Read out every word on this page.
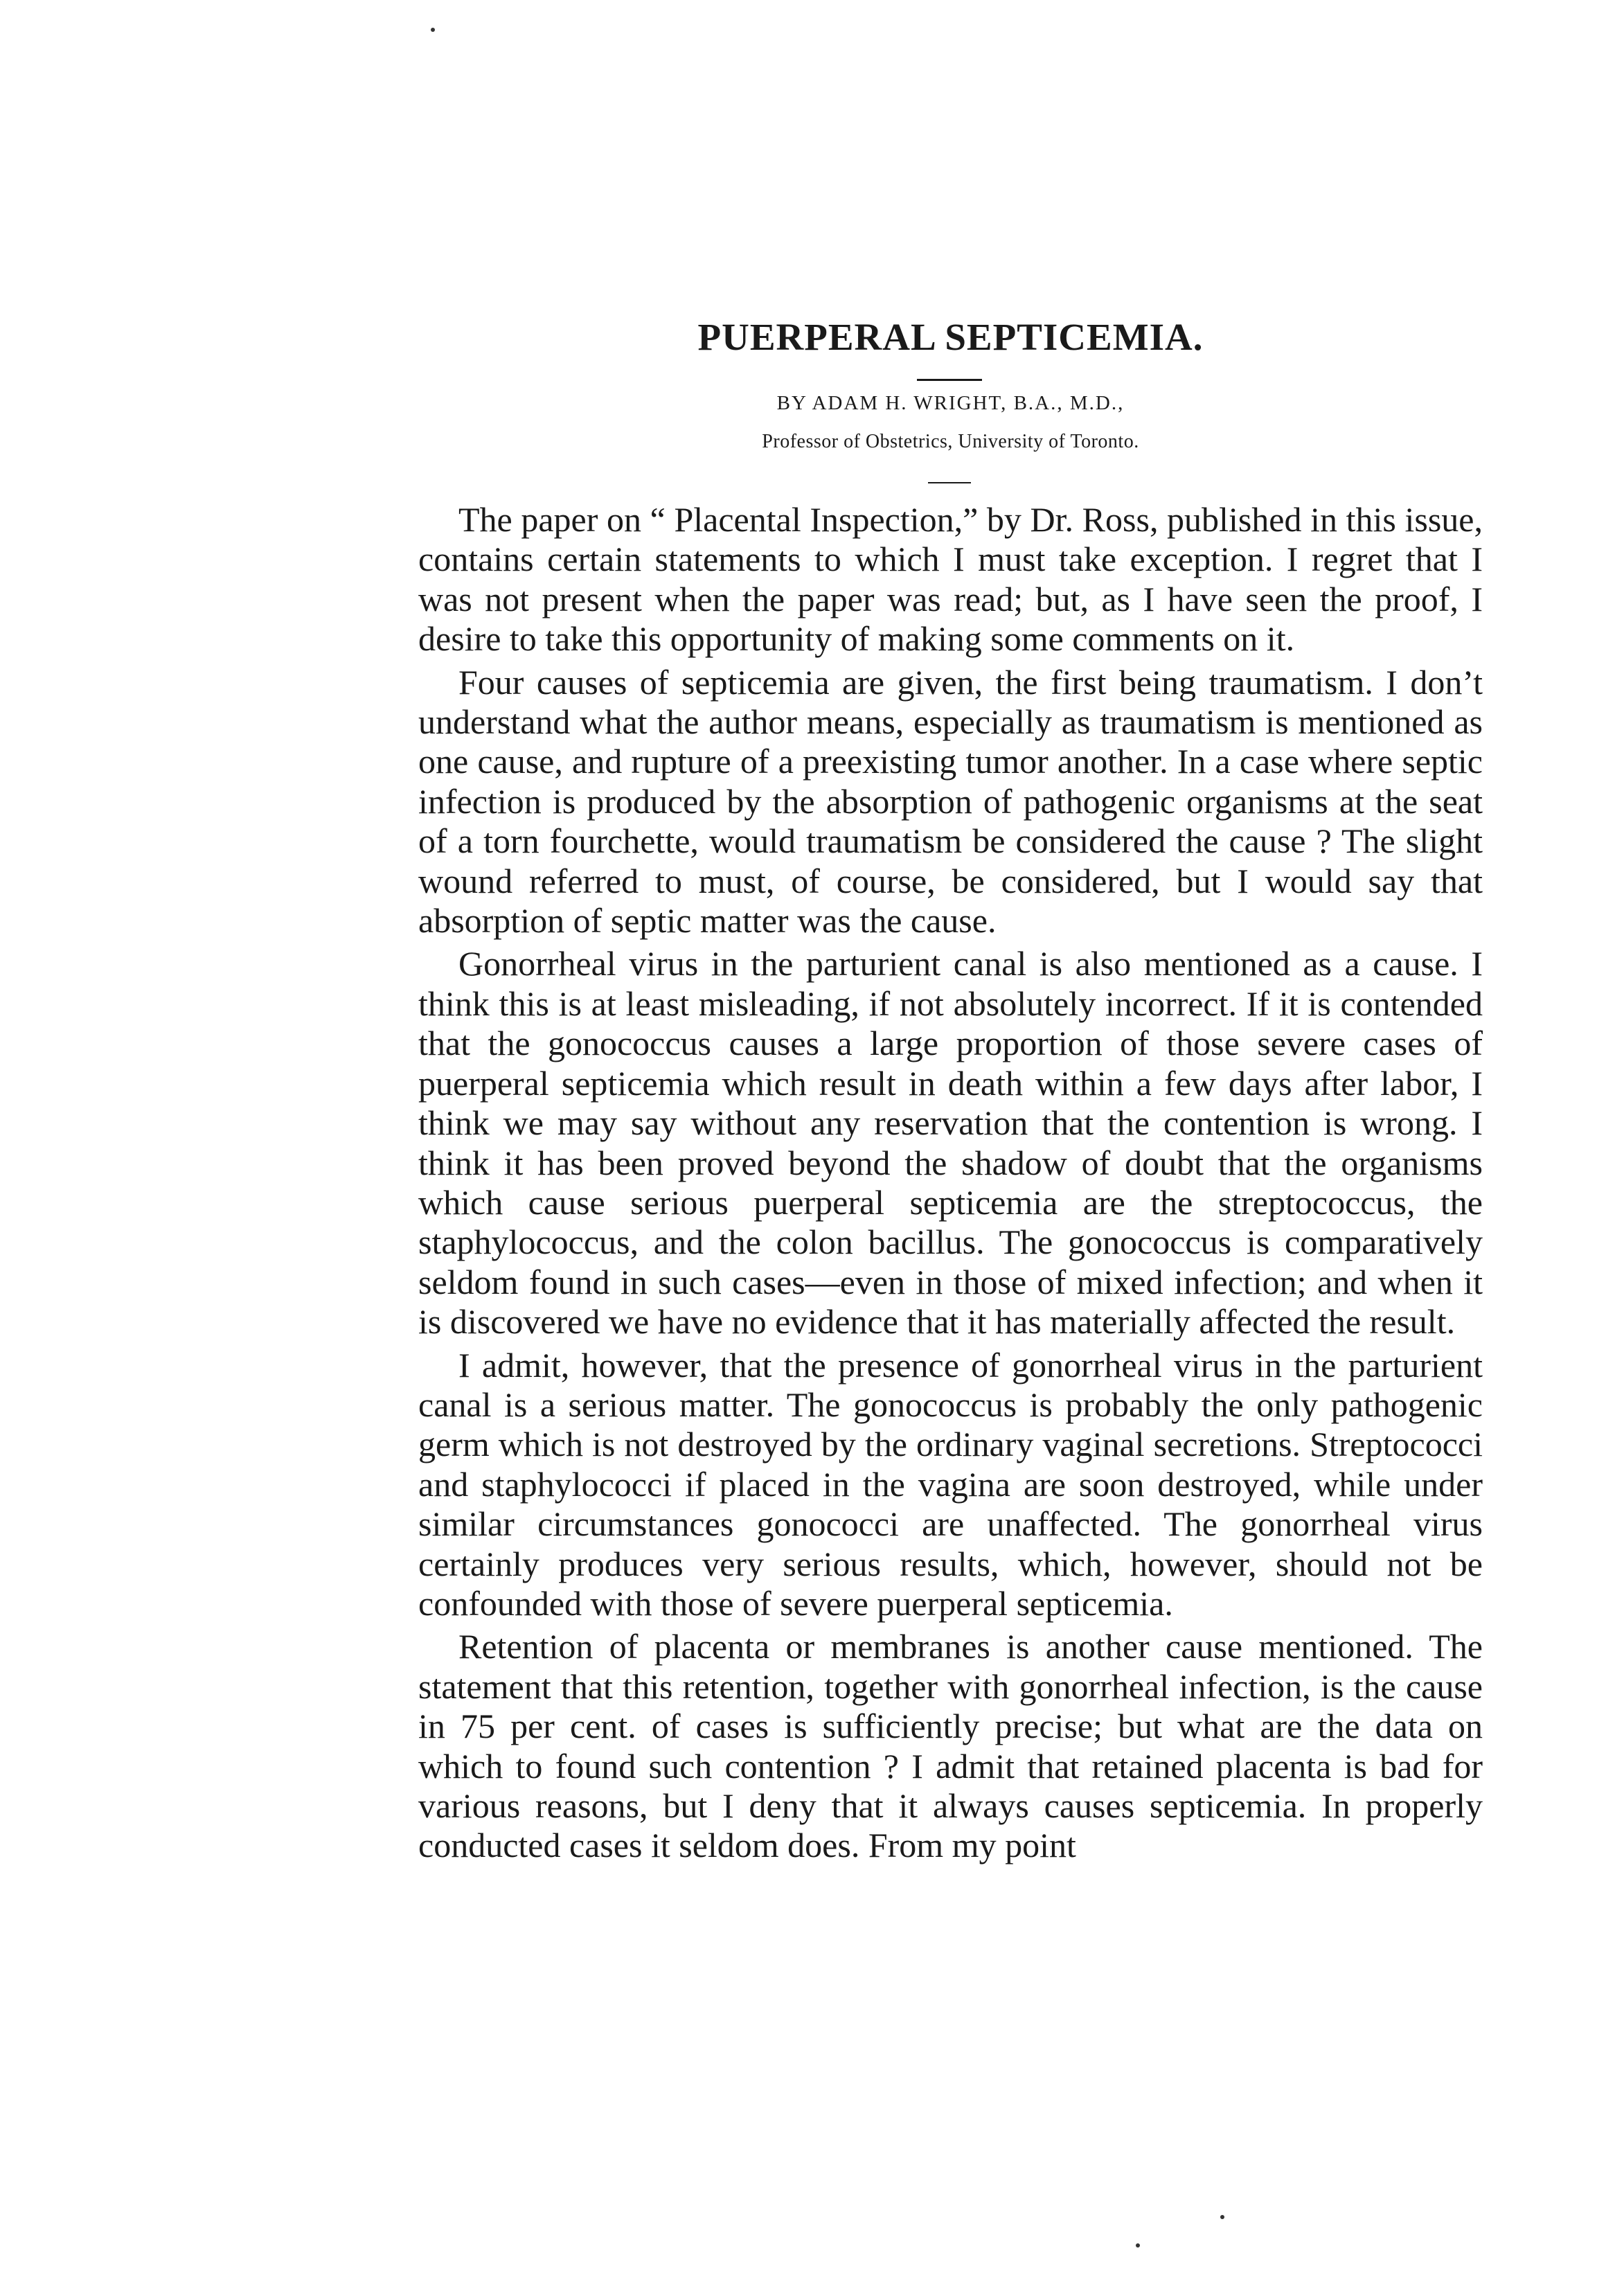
PUERPERAL SEPTICEMIA.
BY ADAM H. WRIGHT, B.A., M.D.,
Professor of Obstetrics, University of Toronto.

The paper on “ Placental Inspection,” by Dr. Ross, published in this issue, contains certain statements to which I must take exception. I regret that I was not present when the paper was read; but, as I have seen the proof, I desire to take this opportunity of making some comments on it.

Four causes of septicemia are given, the first being traumatism. I don’t understand what the author means, especially as traumatism is mentioned as one cause, and rupture of a preexisting tumor another. In a case where septic infection is produced by the absorption of pathogenic organisms at the seat of a torn fourchette, would traumatism be considered the cause ? The slight wound referred to must, of course, be considered, but I would say that absorption of septic matter was the cause.

Gonorrheal virus in the parturient canal is also mentioned as a cause. I think this is at least misleading, if not absolutely incorrect. If it is contended that the gonococcus causes a large proportion of those severe cases of puerperal septicemia which result in death within a few days after labor, I think we may say without any reservation that the contention is wrong. I think it has been proved beyond the shadow of doubt that the organisms which cause serious puerperal septicemia are the streptococcus, the staphylococcus, and the colon bacillus. The gonococcus is comparatively seldom found in such cases—even in those of mixed infection; and when it is discovered we have no evidence that it has materially affected the result.

I admit, however, that the presence of gonorrheal virus in the parturient canal is a serious matter. The gonococcus is probably the only pathogenic germ which is not destroyed by the ordinary vaginal secretions. Streptococci and staphylococci if placed in the vagina are soon destroyed, while under similar circumstances gonococci are unaffected. The gonorrheal virus certainly produces very serious results, which, however, should not be confounded with those of severe puerperal septicemia.

Retention of placenta or membranes is another cause mentioned. The statement that this retention, together with gonorrheal infection, is the cause in 75 per cent. of cases is sufficiently precise; but what are the data on which to found such contention ? I admit that retained placenta is bad for various reasons, but I deny that it always causes septicemia. In properly conducted cases it seldom does. From my point
